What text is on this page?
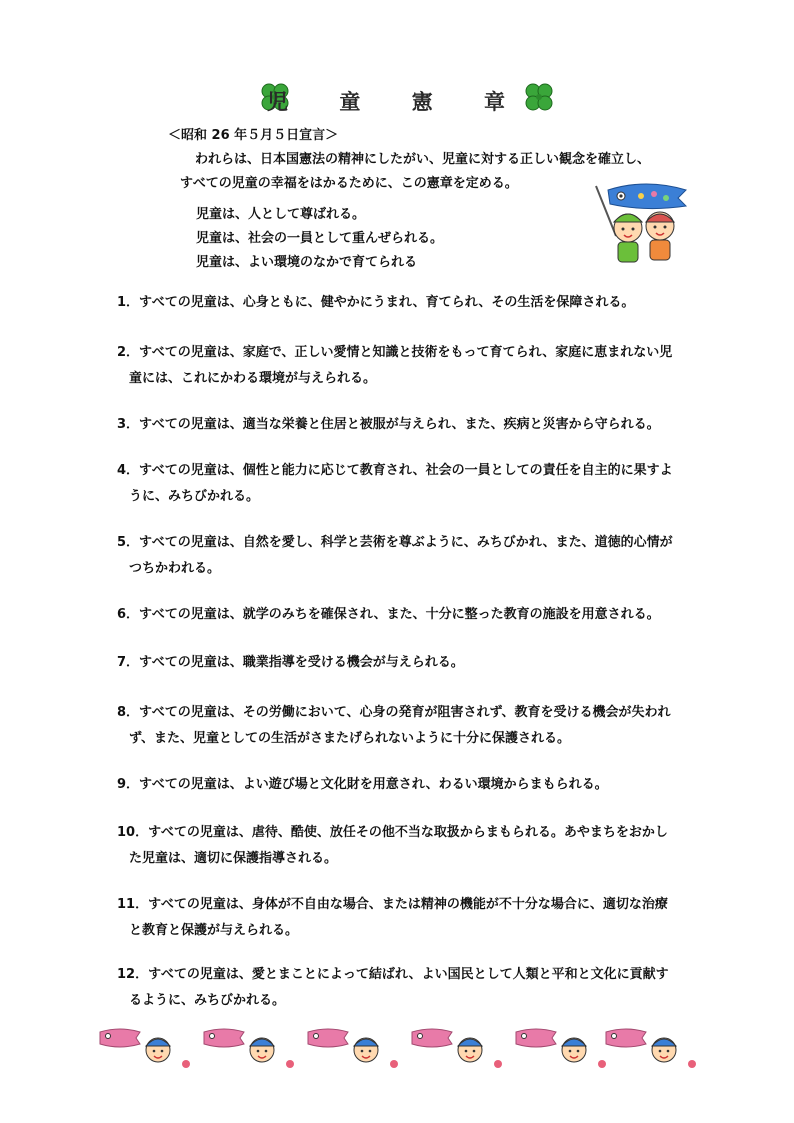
児 童 憲 章
＜昭和 26 年５月５日宣言＞
われらは、日本国憲法の精神にしたがい、児童に対する正しい観念を確立し、
すべての児童の幸福をはかるために、この憲章を定める。
児童は、人として尊ばれる。
児童は、社会の一員として重んぜられる。
児童は、よい環境のなかで育てられる
1．すべての児童は、心身ともに、健やかにうまれ、育てられ、その生活を保障される。
2．すべての児童は、家庭で、正しい愛情と知識と技術をもって育てられ、家庭に恵まれない児
童には、これにかわる環境が与えられる。
3．すべての児童は、適当な栄養と住居と被服が与えられ、また、疾病と災害から守られる。
4．すべての児童は、個性と能力に応じて教育され、社会の一員としての責任を自主的に果すよ
うに、みちびかれる。
5．すべての児童は、自然を愛し、科学と芸術を尊ぶように、みちびかれ、また、道徳的心情が
つちかわれる。
6．すべての児童は、就学のみちを確保され、また、十分に整った教育の施設を用意される。
7．すべての児童は、職業指導を受ける機会が与えられる。
8．すべての児童は、その労働において、心身の発育が阻害されず、教育を受ける機会が失われ
ず、また、児童としての生活がさまたげられないように十分に保護される。
9．すべての児童は、よい遊び場と文化財を用意され、わるい環境からまもられる。
10．すべての児童は、虐待、酷使、放任その他不当な取扱からまもられる。あやまちをおかし
た児童は、適切に保護指導される。
11．すべての児童は、身体が不自由な場合、または精神の機能が不十分な場合に、適切な治療
と教育と保護が与えられる。
12．すべての児童は、愛とまことによって結ばれ、よい国民として人類と平和と文化に貢献す
るように、みちびかれる。
